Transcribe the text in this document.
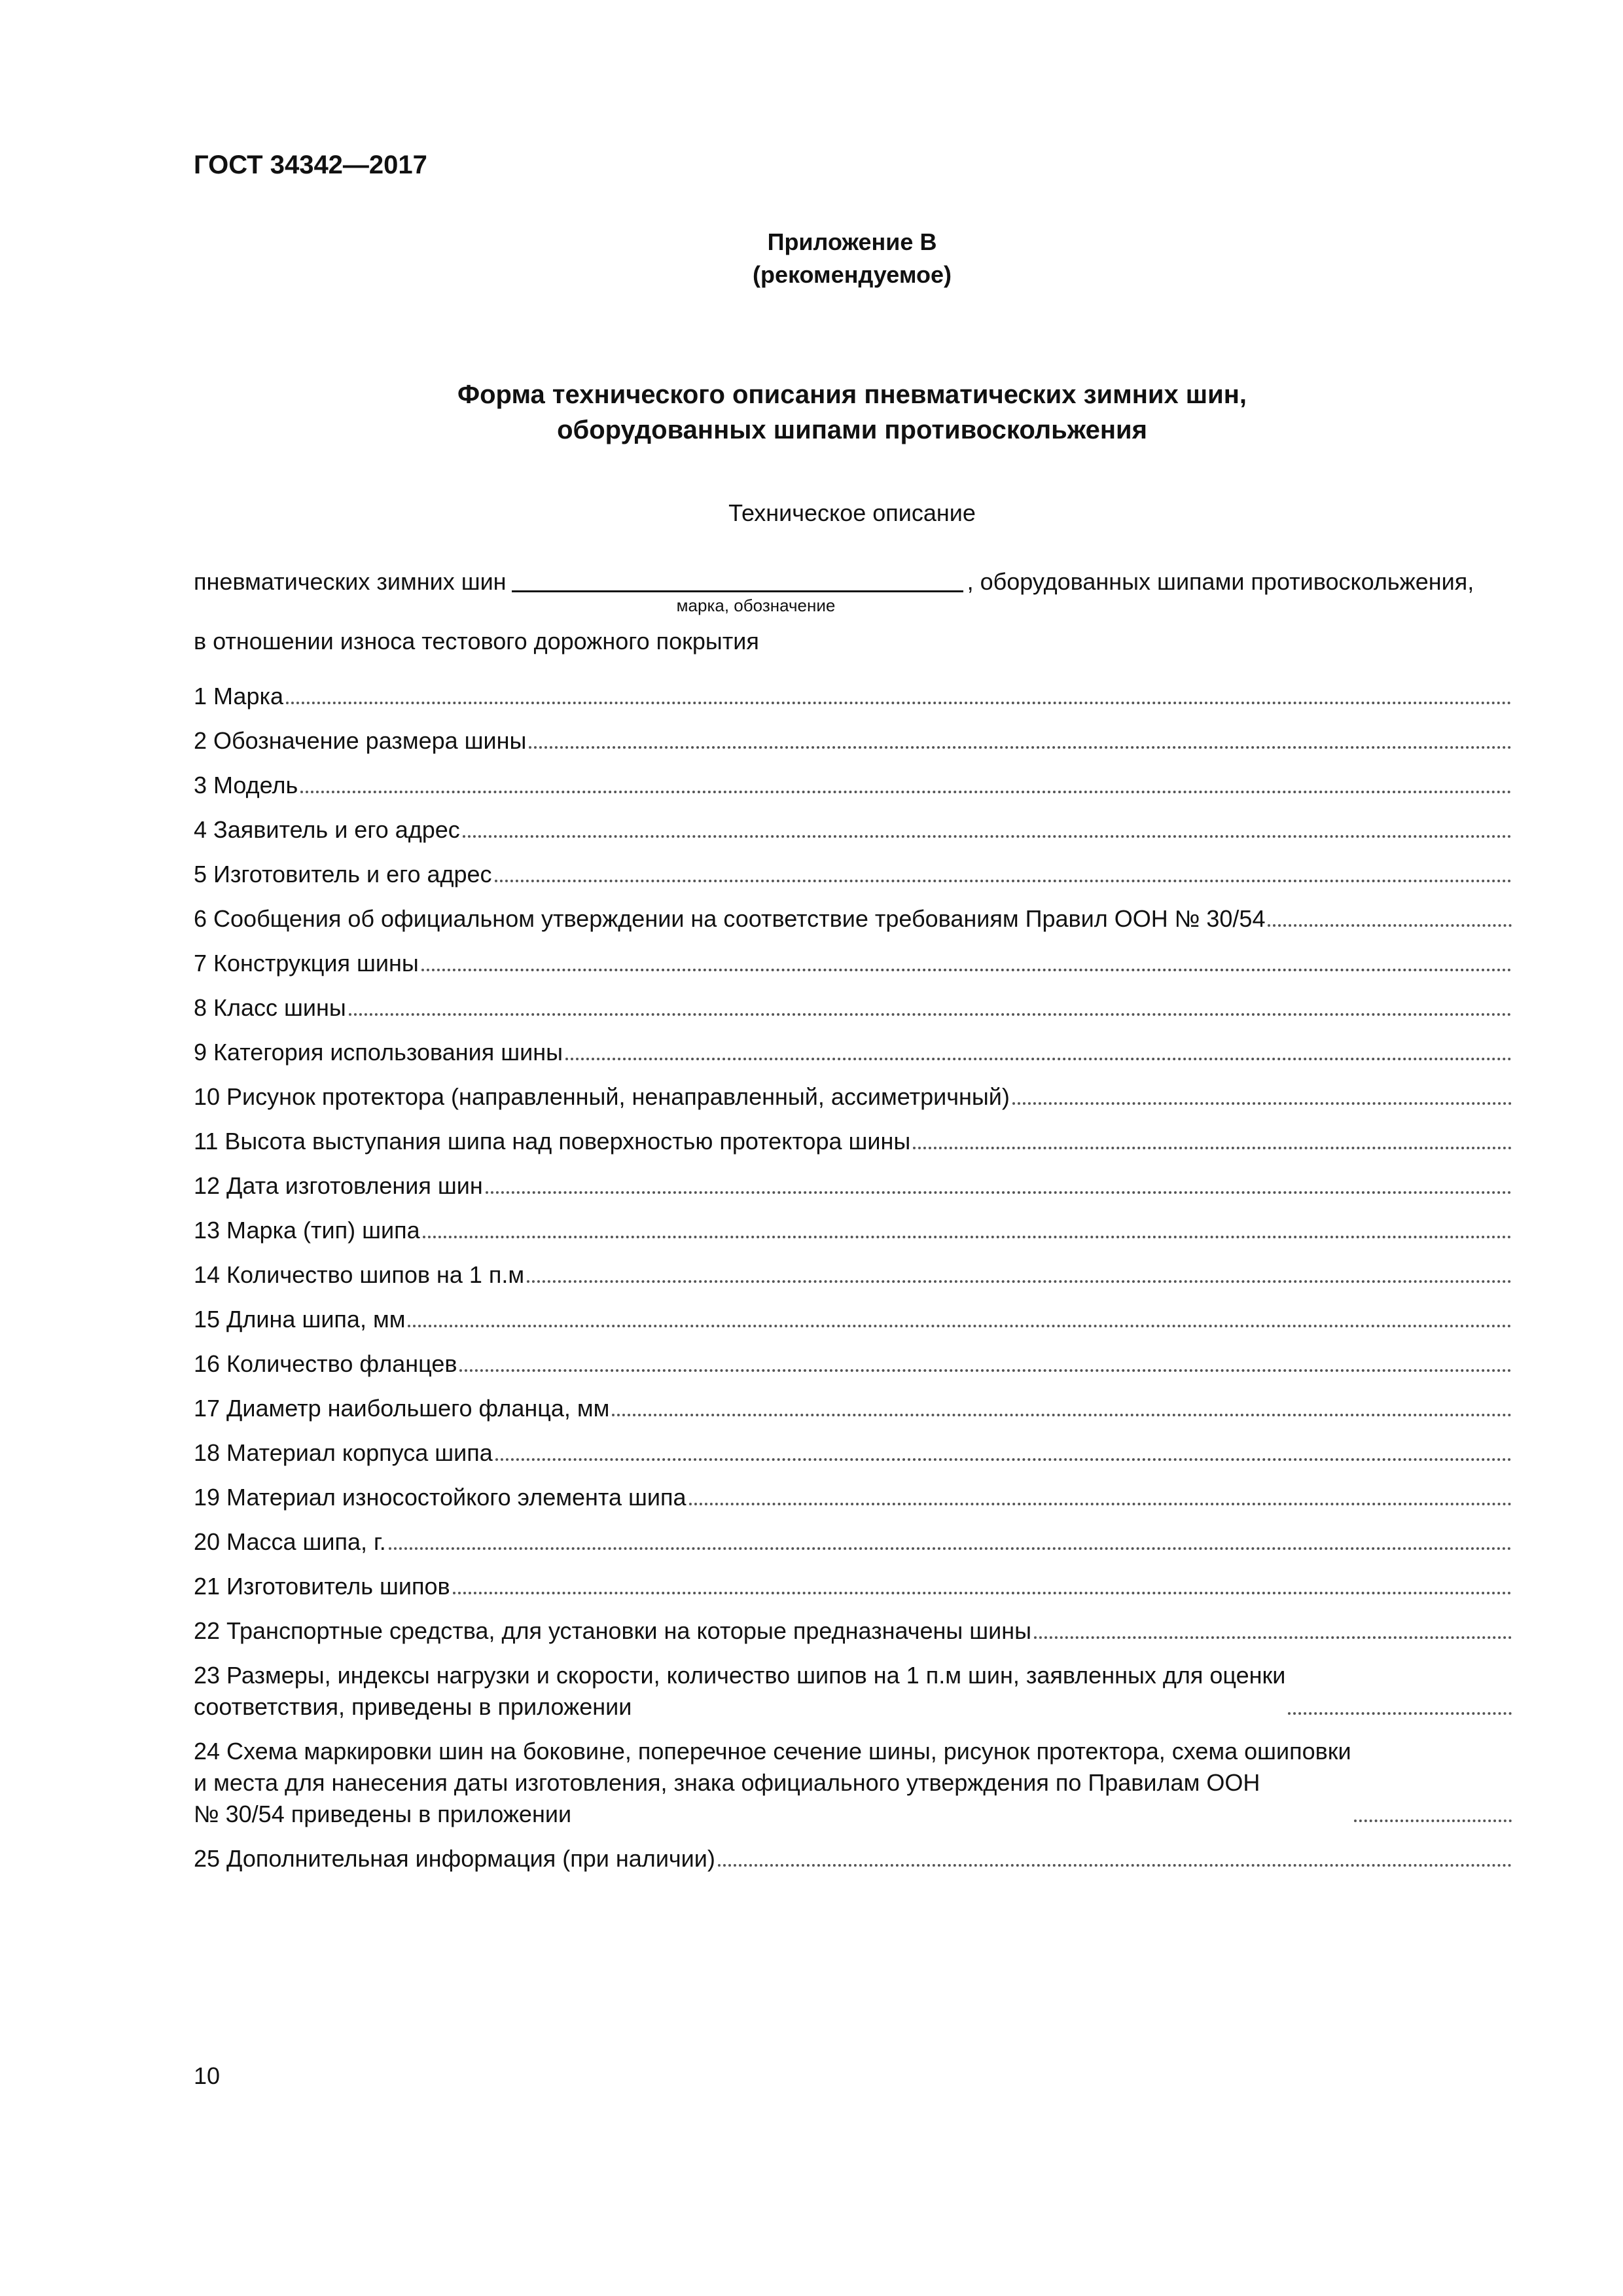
ГОСТ 34342—2017
Приложение В
(рекомендуемое)
Форма технического описания пневматических зимних шин,
оборудованных шипами противоскольжения
Техническое описание
пневматических зимних шин	, оборудованных шипами противоскольжения,
марка, обозначение
в отношении износа тестового дорожного покрытия
1 Марка
2 Обозначение размера шины
3 Модель
4 Заявитель и его адрес
5 Изготовитель и его адрес
6 Сообщения об официальном утверждении на соответствие требованиям Правил ООН № 30/54
7 Конструкция шины
8 Класс шины
9 Категория использования шины
10 Рисунок протектора (направленный, ненаправленный, ассиметричный)
11 Высота выступания шипа над поверхностью протектора шины
12 Дата изготовления шин
13 Марка (тип) шипа
14 Количество шипов на 1 п.м
15 Длина шипа, мм
16 Количество фланцев
17 Диаметр наибольшего фланца, мм
18 Материал корпуса шипа
19 Материал износостойкого элемента шипа
20 Масса шипа, г.
21 Изготовитель шипов
22 Транспортные средства, для установки на которые предназначены шины
23 Размеры, индексы нагрузки и скорости, количество шипов на 1 п.м шин, заявленных для оценки
соответствия, приведены в приложении
24 Схема маркировки шин на боковине, поперечное сечение шины, рисунок протектора, схема ошиповки
и места для нанесения даты изготовления, знака официального утверждения по Правилам ООН
№ 30/54 приведены в приложении
25 Дополнительная информация (при наличии)
10
